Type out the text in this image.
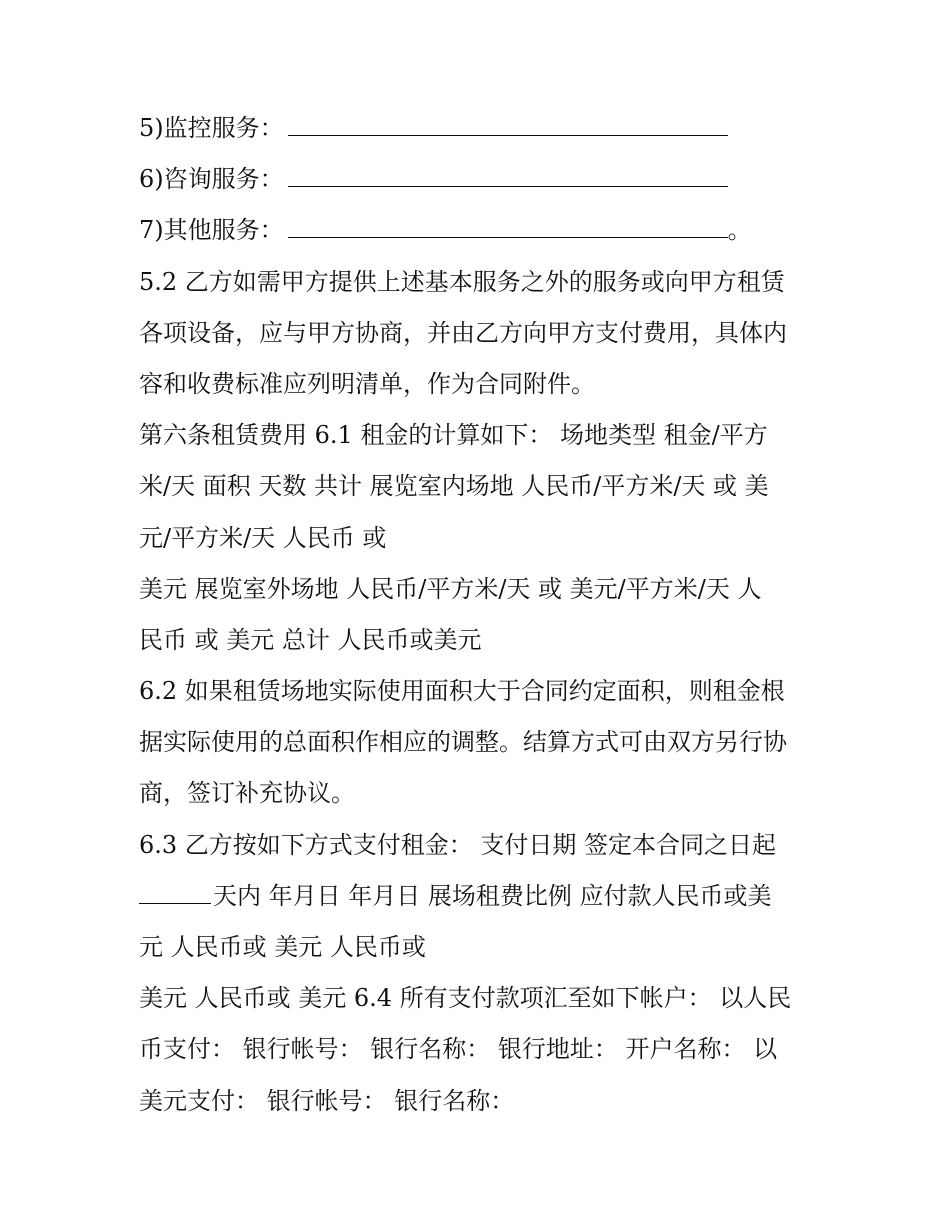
5)监控服务：
6)咨询服务：
7)其他服务：	。
5.2 乙方如需甲方提供上述基本服务之外的服务或向甲方租赁
各项设备，应与甲方协商，并由乙方向甲方支付费用，具体内
容和收费标准应列明清单，作为合同附件。
第六条租赁费用 6.1 租金的计算如下： 场地类型 租金/平方
米/天 面积 天数 共计 展览室内场地 人民币/平方米/天 或 美
元/平方米/天 人民币 或
美元 展览室外场地 人民币/平方米/天 或 美元/平方米/天 人
民币 或 美元 总计 人民币或美元
6.2 如果租赁场地实际使用面积大于合同约定面积，则租金根
据实际使用的总面积作相应的调整。结算方式可由双方另行协
商，签订补充协议。
6.3 乙方按如下方式支付租金： 支付日期 签定本合同之日起
天内 年月日 年月日 展场租费比例 应付款人民币或美
元 人民币或 美元 人民币或
美元 人民币或 美元 6.4 所有支付款项汇至如下帐户： 以人民
币支付： 银行帐号： 银行名称： 银行地址： 开户名称： 以
美元支付： 银行帐号： 银行名称：
